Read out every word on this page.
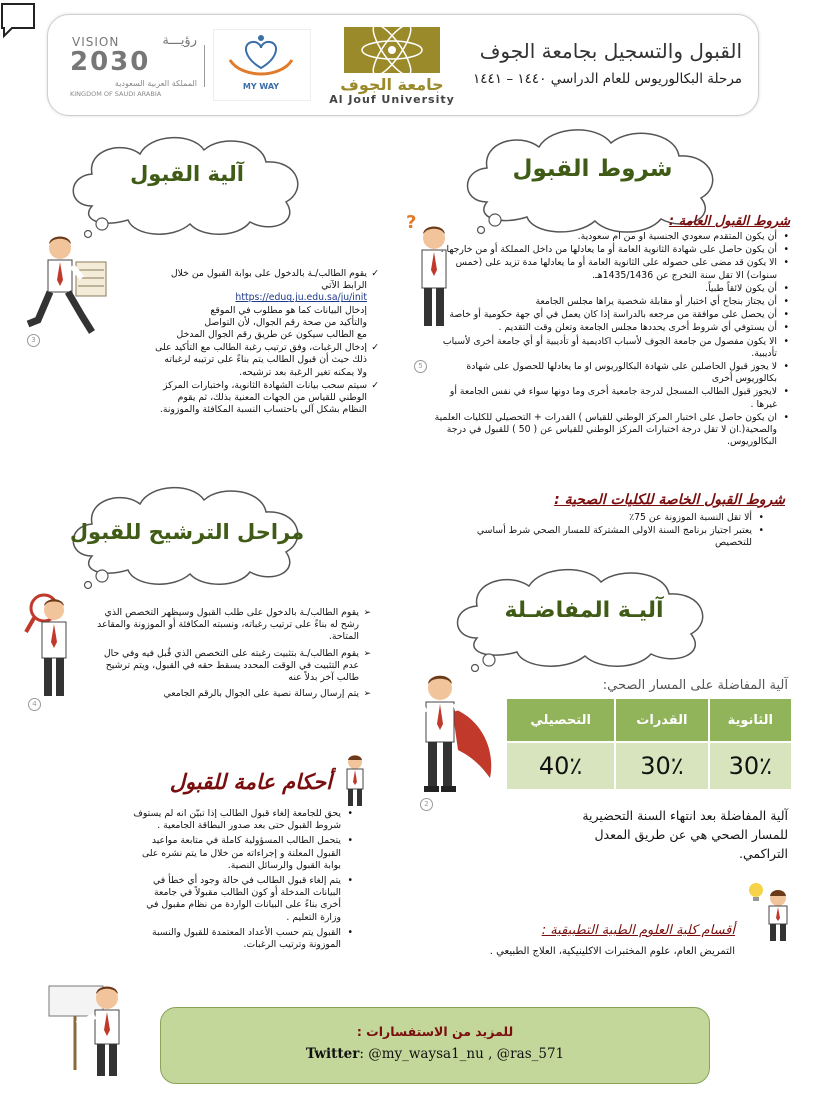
القبول والتسجيل بجامعة الجوف
مرحلة البكالوريوس للعام الدراسي ١٤٤٠ – ١٤٤١
جامعة الجوف
Al Jouf University
MY WAY
VISION	رؤيـــة
2030
المملكة العربية السعودية
KINGDOM OF SAUDI ARABIA
آلية القبول	شروط القبول
3
?
5
✓ يقوم الطالب/ـة بالدخول على بوابة القبول من خلال الرابط الآتي
https://edug.ju.edu.sa/ju/init
إدخال البيانات كما هو مطلوب في الموقع
والتأكيد من صحة رقم الجوال، لأن التواصل
مع الطالب سيكون عن طريق رقم الجوال المدخل
✓ إدخال الرغبات، وفق ترتيب رغبة الطالب مع التأكيد على ذلك حيث أن قبول الطالب يتم بناءً على ترتيبه لرغباته ولا يمكنه تغير الرغبة بعد ترشيحه.
✓ سيتم سحب بيانات الشهادة الثانوية، واختبارات المركز الوطني للقياس من الجهات المعنية بذلك، ثم يقوم النظام بشكل آلي باحتساب النسبة المكافئة والموزونة.
شروط القبول العامة :
• أن يكون المتقدم سعودي الجنسية او من ام سعودية.
• أن يكون حاصل على شهادة الثانوية العامة أو ما يعادلها من داخل المملكة أو من خارجها .
• الا يكون قد مضى على حصوله على الثانوية العامة أو ما يعادلها مدة تزيد على (خمس سنوات) الا تقل سنة التخرج عن 1435/1436هـ.
• أن يكون لائقاً طبياً.
• أن يجتاز بنجاح أي اختبار أو مقابلة شخصية يراها مجلس الجامعة
• أن يحصل على موافقة من مرجعه بالدراسة إذا كان يعمل في أي جهة حكومية أو خاصة
• أن يستوفي أي شروط أخرى يحددها مجلس الجامعة وتعلن وقت التقديم .
• الا يكون مفصول من جامعة الجوف لأسباب اكاديمية أو تأديبية أو أي جامعة أخرى لأسباب تأديبية.
• لا يجوز قبول الحاصلين على شهادة البكالوريوس او ما يعادلها للحصول على شهادة بكالوريوس أخرى
• لايجوز قبول الطالب المسجل لدرجة جامعية أخرى وما دونها سواء في نفس الجامعة أو غيرها .
• ان يكون حاصل على اختبار المركز الوطني للقياس ) القدرات + التحصيلي للكليات العلمية والصحية(.ان لا تقل درجة اختبارات المركز الوطني للقياس عن ( 50 ) للقبول في درجة البكالوريوس.
شروط القبول الخاصة للكليات الصحية :
• ألا تقل النسبة الموزونة عن 75٪
• يعتبر اجتياز برنامج السنة الاولى المشتركة للمسار الصحي شرط أساسي للتخصيص
مراحل الترشيح للقبول
4
➢ يقوم الطالب/ـة بالدخول على طلب القبول وسيظهر التخصص الذي رشح له بناءً على ترتيب رغباته، ونسبته المكافئة أو الموزونة والمقاعد المتاحة.
➢ يقوم الطالب/ـة بتثبيت رغبته على التخصص الذي قُبل فيه وفي حال عدم التثبيت في الوقت المحدد يسقط حقه في القبول، ويتم ترشيح طالب آخر بدلاً عنه
➢ يتم إرسال رسالة نصية على الجوال بالرقم الجامعي
آليـة المفاضـلة
2
آلية المفاضلة على المسار الصحي:
الثانوية	القدرات	التحصيلي
30٪	30٪	40٪
آلية المفاضلة بعد انتهاء السنة التحضيرية للمسار الصحي هي عن طريق المعدل التراكمي.
أحكام عامة للقبول
• يحق للجامعة إلغاء قبول الطالب إذا تبيّن انه لم يستوف شروط القبول حتى بعد صدور البطاقة الجامعية .
• يتحمل الطالب المسؤولية كاملة في متابعة مواعيد القبول المعلنة و إجراءاته من خلال ما يتم نشره على بوابة القبول والرسائل النصية.
• يتم إلغاء قبول الطالب في حالة وجود أي خطأ في البيانات المدخلة أو كون الطالب مقبولاً في جامعة أخرى بناءً على البيانات الواردة من نظام مقبول في وزارة التعليم .
• القبول يتم حسب الأعداد المعتمدة للقبول والنسبة الموزونة وترتيب الرغبات.
أقسام كلية العلوم الطبية التطبيقية :
التمريض العام، علوم المختبرات الاكلينيكية، العلاج الطبيعي .
للمزيد من الاستفسارات :
Twitter: @my_waysa1_nu , @ras_571
